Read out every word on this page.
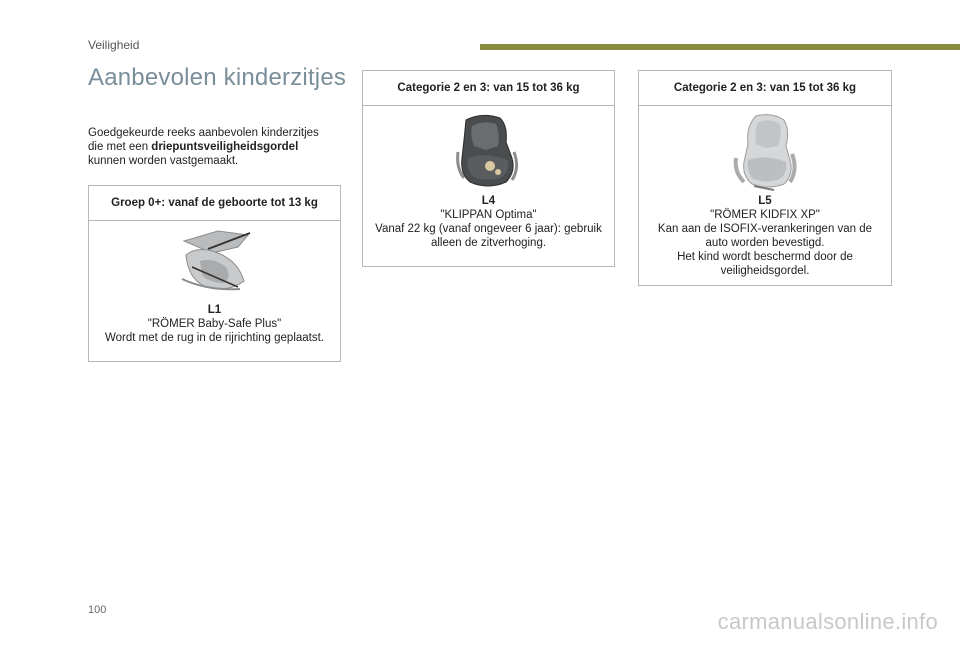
Veiligheid
Aanbevolen kinderzitjes
Goedgekeurde reeks aanbevolen kinderzitjes
die met een driepuntsveiligheidsgordel
kunnen worden vastgemaakt.
Groep 0+: vanaf de geboorte tot 13 kg
L1
"RÖMER Baby-Safe Plus"
Wordt met de rug in de rijrichting geplaatst.
Categorie 2 en 3: van 15 tot 36 kg
L4
"KLIPPAN Optima"
Vanaf 22 kg (vanaf ongeveer 6 jaar): gebruik
alleen de zitverhoging.
Categorie 2 en 3: van 15 tot 36 kg
L5
"RÖMER KIDFIX XP"
Kan aan de ISOFIX-verankeringen van de
auto worden bevestigd.
Het kind wordt beschermd door de
veiligheidsgordel.
100	carmanualsonline.info
